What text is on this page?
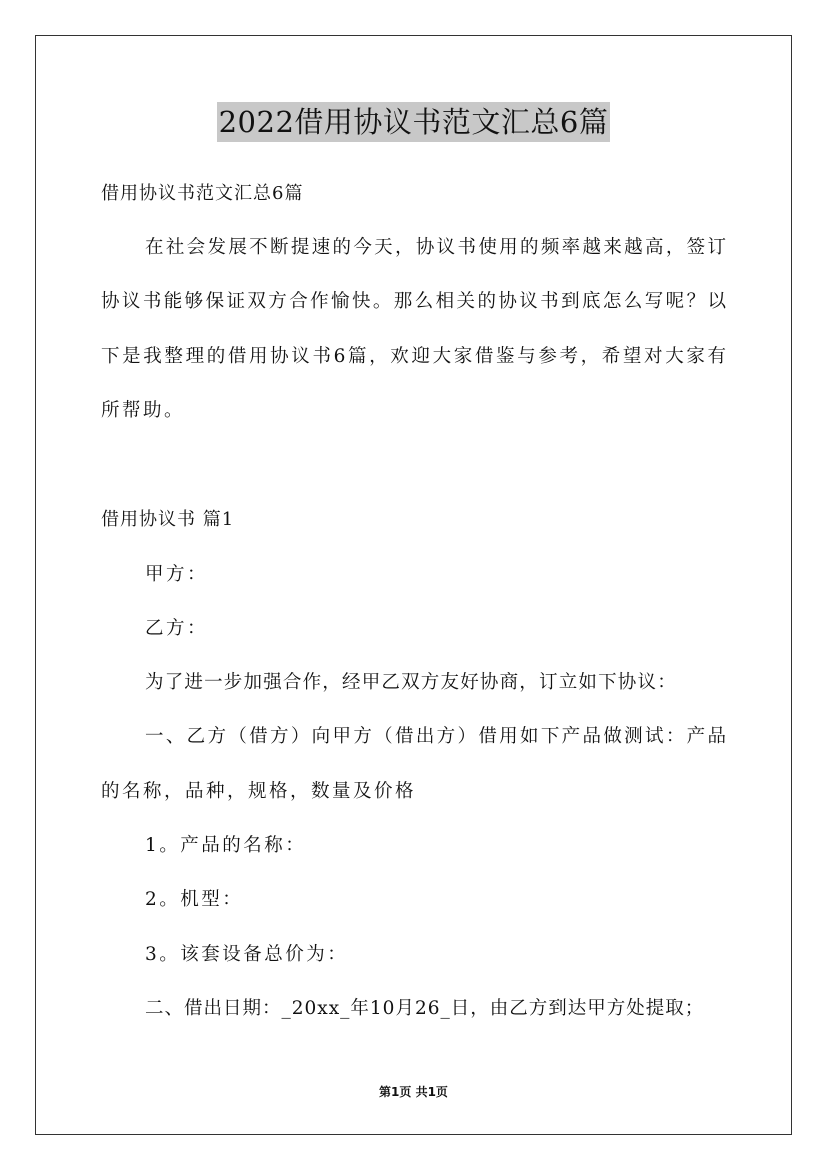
2022借用协议书范文汇总6篇
借用协议书范文汇总6篇
在社会发展不断提速的今天，协议书使用的频率越来越高，签订
协议书能够保证双方合作愉快。那么相关的协议书到底怎么写呢？以
下是我整理的借用协议书6篇，欢迎大家借鉴与参考，希望对大家有
所帮助。
借用协议书 篇1
甲方：
乙方：
为了进一步加强合作，经甲乙双方友好协商，订立如下协议：
一、乙方（借方）向甲方（借出方）借用如下产品做测试：产品
的名称，品种，规格，数量及价格
1。产品的名称：
2。机型：
3。该套设备总价为：
二、借出日期：_20xx_年10月26_日，由乙方到达甲方处提取；
第1页 共1页
